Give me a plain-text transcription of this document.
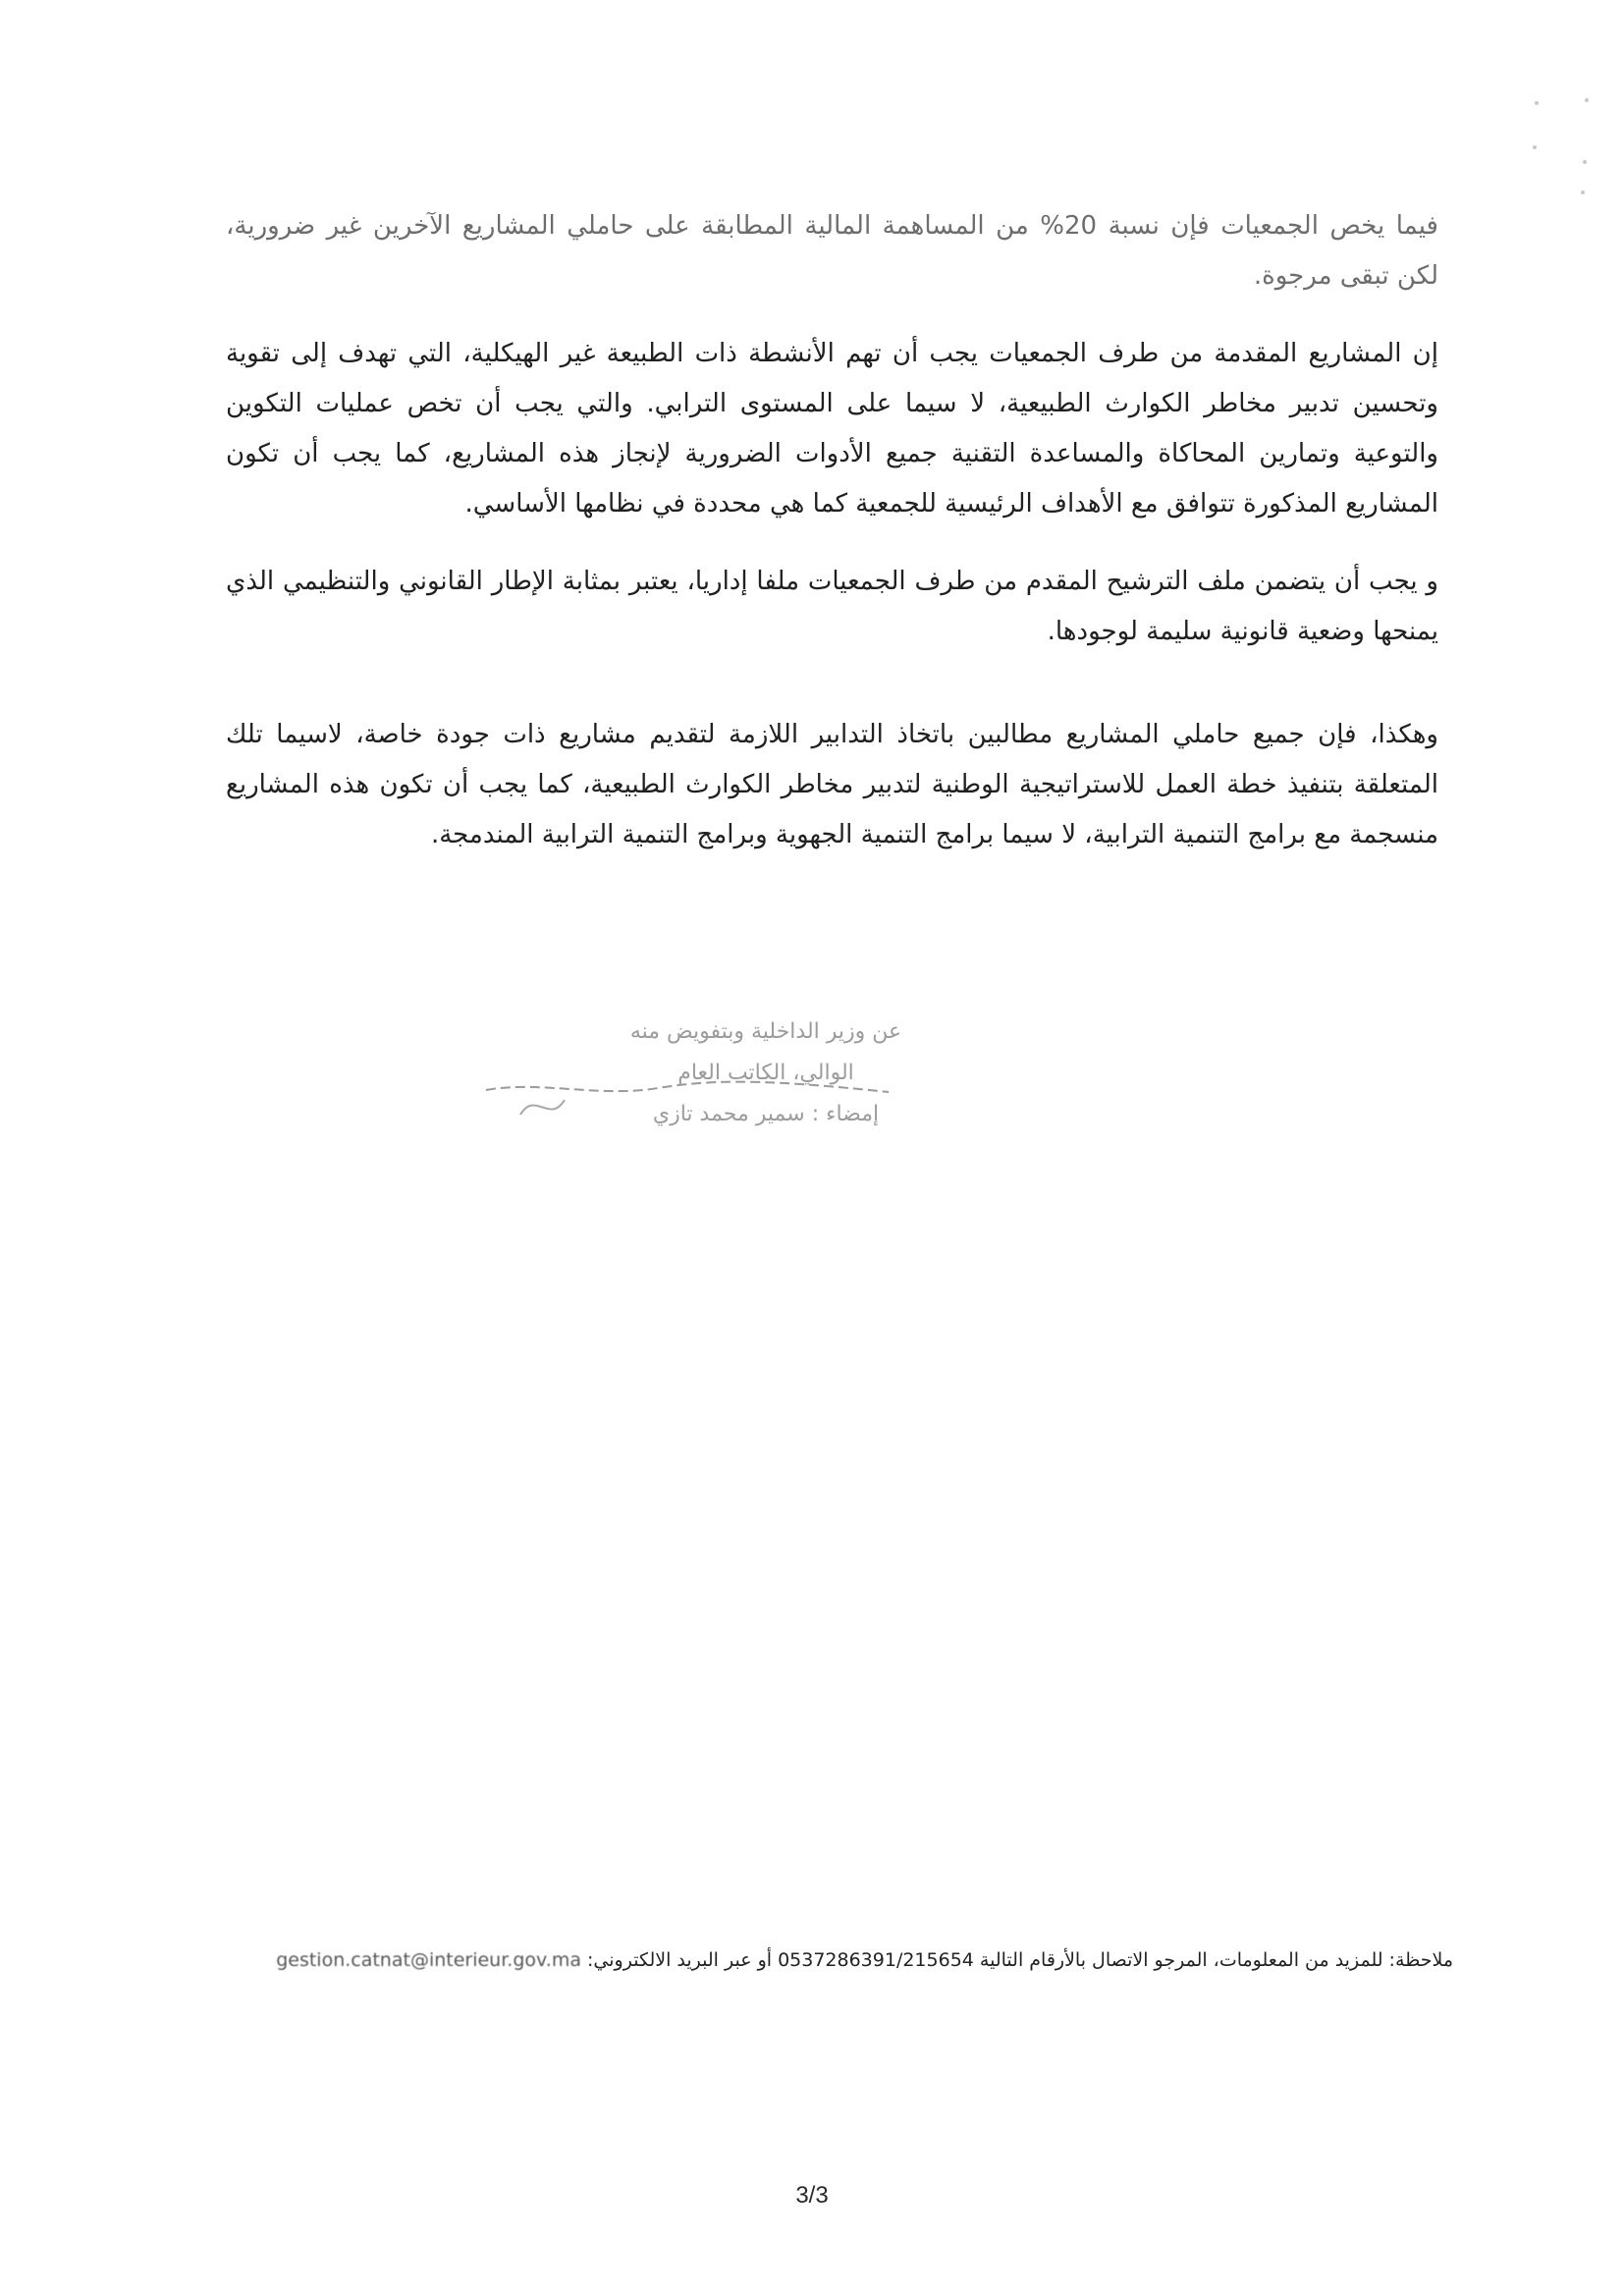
فيما يخص الجمعيات فإن نسبة 20% من المساهمة المالية المطابقة على حاملي المشاريع الآخرين غير ضرورية، لكن تبقى مرجوة.

إن المشاريع المقدمة من طرف الجمعيات يجب أن تهم الأنشطة ذات الطبيعة غير الهيكلية، التي تهدف إلى تقوية وتحسين تدبير مخاطر الكوارث الطبيعية، لا سيما على المستوى الترابي. والتي يجب أن تخص عمليات التكوين والتوعية وتمارين المحاكاة والمساعدة التقنية جميع الأدوات الضرورية لإنجاز هذه المشاريع، كما يجب أن تكون المشاريع المذكورة تتوافق مع الأهداف الرئيسية للجمعية كما هي محددة في نظامها الأساسي.

و يجب أن يتضمن ملف الترشيح المقدم من طرف الجمعيات ملفا إداريا، يعتبر بمثابة الإطار القانوني والتنظيمي الذي يمنحها وضعية قانونية سليمة لوجودها.

وهكذا، فإن جميع حاملي المشاريع مطالبين باتخاذ التدابير اللازمة لتقديم مشاريع ذات جودة خاصة، لاسيما تلك المتعلقة بتنفيذ خطة العمل للاستراتيجية الوطنية لتدبير مخاطر الكوارث الطبيعية، كما يجب أن تكون هذه المشاريع منسجمة مع برامج التنمية الترابية، لا سيما برامج التنمية الجهوية وبرامج التنمية الترابية المندمجة.

عن وزير الداخلية وبتفويض منه
الوالي، الكاتب العام
إمضاء : سمير محمد تازي
ملاحظة: للمزيد من المعلومات، المرجو الاتصال بالأرقام التالية 0537286391/215654 أو عبر البريد الالكتروني: gestion.catnat@interieur.gov.ma
3/3
